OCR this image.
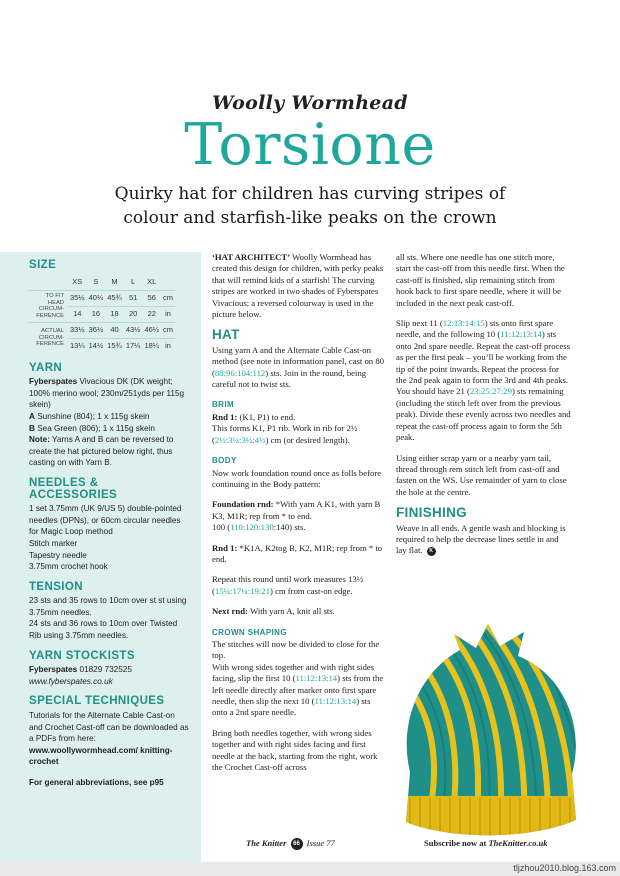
Woolly Wormhead
Torsione
Quirky hat for children has curving stripes of
colour and starfish-like peaks on the crown
SIZE
	XS	S	M	L	XL	
TO FIT HEAD CIRCUM-FERENCE	35½	40¼	45¾	51	56	cm
	14	16	18	20	22	in
ACTUAL CIRCUM-FERENCE	33½	36½	40	43½	46½	cm
	13¼	14½	15¾	17¼	18¼	in
YARN
Fyberspates Vivacious DK (DK weight; 100% merino wool; 230m/251yds per 115g skein)
A Sunshine (804); 1 x 115g skein
B Sea Green (806); 1 x 115g skein
Note: Yarns A and B can be reversed to create the hat pictured below right, thus casting on with Yarn B.
NEEDLES & ACCESSORIES
1 set 3.75mm (UK 9/US 5) double-pointed needles (DPNs), or 60cm circular needles for Magic Loop method
Stitch marker
Tapestry needle
3.75mm crochet hook
TENSION
23 sts and 35 rows to 10cm over st st using 3.75mm needles.
24 sts and 36 rows to 10cm over Twisted Rib using 3.75mm needles.
YARN STOCKISTS
Fyberspates 01829 732525
www.fyberspates.co.uk
SPECIAL TECHNIQUES
Tutorials for the Alternate Cable Cast-on and Crochet Cast-off can be downloaded as a PDFs from here:
www.woollywormhead.com/ knitting-crochet
For general abbreviations, see p95

‘HAT ARCHITECT’ Woolly Wormhead has created this design for children, with perky peaks that will remind kids of a starfish! The curving stripes are worked in two shades of Fyberspates Vivacious; a reversed colourway is used in the picture below.

HAT

Using yarn A and the Alternate Cable Cast-on method (see note in information panel, cast on 80 (88:96:104:112) sts. Join in the round, being careful not to twist sts.

BRIM

Rnd 1: (K1, P1) to end.
This forms K1, P1 rib. Work in rib for 2½ (2½:3¼:3½:4½) cm (or desired length).

BODY

Now work foundation round once as folls before continuing in the Body pattern:

Foundation rnd: *With yarn A K1, with yarn B K3, M1R; rep from * to end.
100 (110:120:130:140) sts.

Rnd 1: *K1A, K2tog B, K2, M1R; rep from * to end.

Repeat this round until work measures 13½ (15¼:17¼:19:21) cm from cast-on edge.

Next rnd: With yarn A, knit all sts.

CROWN SHAPING

The stitches will now be divided to close for the top.

With wrong sides together and with right sides facing, slip the first 10 (11:12:13:14) sts from the left needle directly after marker onto first spare needle, then slip the next 10 (11:12:13:14) sts onto a 2nd spare needle.

Bring both needles together, with wrong sides together and with right sides facing and first needle at the back, starting from the right, work the Crochet Cast-off across

all sts. Where one needle has one stitch more, start the cast-off from this needle first. When the cast-off is finished, slip remaining stitch from hook back to first spare needle, where it will be included in the next peak cast-off.

Slip next 11 (12:13:14:15) sts onto first spare needle, and the following 10 (11:12:13:14) sts onto 2nd spare needle. Repeat the cast-off process as per the first peak – you’ll be working from the tip of the point inwards. Repeat the process for the 2nd peak again to form the 3rd and 4th peaks.
You should have 21 (23:25:27:29) sts remaining (including the stitch left over from the previous peak). Divide these evenly across two needles and repeat the cast-off process again to form the 5th peak.

Using either scrap yarn or a nearby yarn tail, thread through rem stitch left from cast-off and fasten on the WS. Use remainder of yarn to close the hole at the centre.

FINISHING

Weave in all ends. A gentle wash and blocking is required to help the decrease lines settle in and lay flat. K

The Knitter 66 Issue 77	Subscribe now at TheKnitter.co.uk
tljzhou2010.blog.163.com
